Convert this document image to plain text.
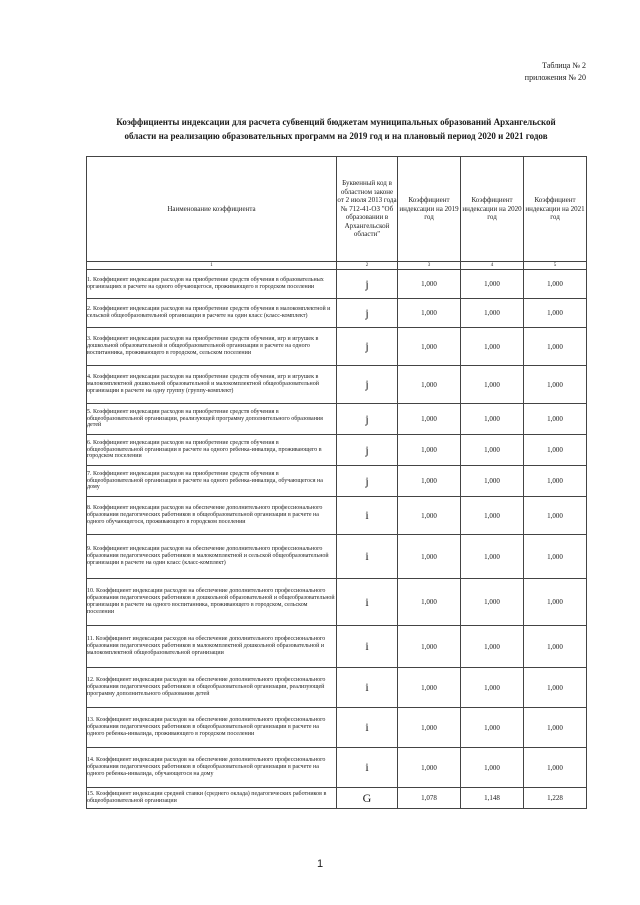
Таблица № 2
приложения № 20
Коэффициенты индексации для расчета субвенций бюджетам муниципальных образований Архангельской
области на реализацию образовательных программ на 2019 год и на плановый период 2020 и 2021 годов
Наименование коэффициента	Буквенный код в областном законе от 2 июля 2013 года № 712-41-ОЗ "Об образовании в Архангельской области"	Коэффициент индексации на 2019 год	Коэффициент индексации на 2020 год	Коэффициент индексации на 2021 год
1	2	3	4	5
1. Коэффициент индексации расходов на приобретение средств обучения в образовательных организациях в расчете на одного обучающегося, проживающего в городском поселении	j	1,000	1,000	1,000
2. Коэффициент индексации расходов на приобретение средств обучения в малокомплектной и сельской общеобразовательной организации в расчете на один класс (класс-комплект)	j	1,000	1,000	1,000
3. Коэффициент индексации расходов на приобретение средств обучения, игр и игрушек в дошкольной образовательной и общеобразовательной организации в расчете на одного воспитанника, проживающего в городском, сельском поселении	j	1,000	1,000	1,000
4. Коэффициент индексации расходов на приобретение средств обучения, игр и игрушек в малокомплектной дошкольной образовательной и малокомплектной общеобразовательной организации в расчете на одну группу (группу-комплект)	j	1,000	1,000	1,000
5. Коэффициент индексации расходов на приобретение средств обучения в общеобразовательной организации, реализующей программу дополнительного образования детей	j	1,000	1,000	1,000
6. Коэффициент индексации расходов на приобретение средств обучения в общеобразовательной организации в расчете на одного ребенка-инвалида, проживающего в городском поселении	j	1,000	1,000	1,000
7. Коэффициент индексации расходов на приобретение средств обучения в общеобразовательной организации в расчете на одного ребенка-инвалида, обучающегося на дому	j	1,000	1,000	1,000
8. Коэффициент индексации расходов на обеспечение дополнительного профессионального образования педагогических работников в общеобразовательной организации в расчете на одного обучающегося, проживающего в городском поселении	i	1,000	1,000	1,000
9. Коэффициент индексации расходов на обеспечение дополнительного профессионального образования педагогических работников в малокомплектной и сельской общеобразовательной организации в расчете на один класс (класс-комплект)	i	1,000	1,000	1,000
10. Коэффициент индексации расходов на обеспечение дополнительного профессионального образования педагогических работников в дошкольной образовательной и общеобразовательной организации в расчете на одного воспитанника, проживающего в городском, сельском поселении	i	1,000	1,000	1,000
11. Коэффициент индексации расходов на обеспечение дополнительного профессионального образования педагогических работников в малокомплектной дошкольной образовательной и малокомплектной общеобразовательной организации	i	1,000	1,000	1,000
12. Коэффициент индексации расходов на обеспечение дополнительного профессионального образования педагогических работников в общеобразовательной организации, реализующей программу дополнительного образования детей	i	1,000	1,000	1,000
13. Коэффициент индексации расходов на обеспечение дополнительного профессионального образования педагогических работников в общеобразовательной организации в расчете на одного ребенка-инвалида, проживающего в городском поселении	i	1,000	1,000	1,000
14. Коэффициент индексации расходов на обеспечение дополнительного профессионального образования педагогических работников в общеобразовательной организации в расчете на одного ребенка-инвалида, обучающегося на дому	i	1,000	1,000	1,000
15. Коэффициент индексации средней ставки (среднего оклада) педагогических работников в общеобразовательной организации	G	1,078	1,148	1,228
1
